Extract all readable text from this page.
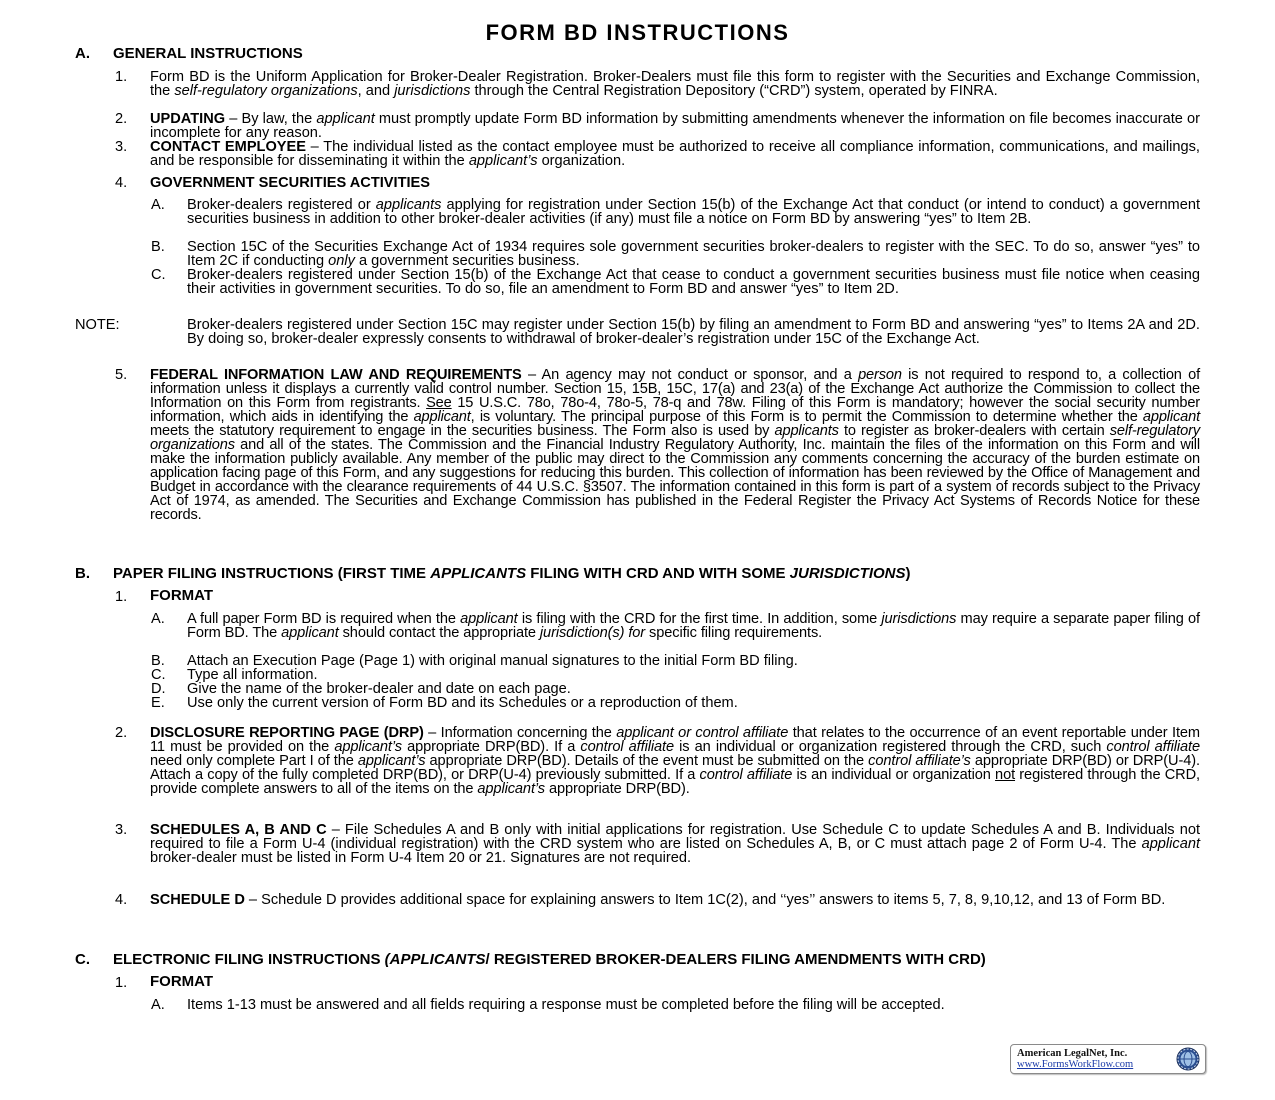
FORM BD INSTRUCTIONS
A. GENERAL INSTRUCTIONS
1. Form BD is the Uniform Application for Broker-Dealer Registration. Broker-Dealers must file this form to register with the Securities and Exchange Commission, the self-regulatory organizations, and jurisdictions through the Central Registration Depository (“CRD”) system, operated by FINRA.
2. UPDATING – By law, the applicant must promptly update Form BD information by submitting amendments whenever the information on file becomes inaccurate or incomplete for any reason.
3. CONTACT EMPLOYEE – The individual listed as the contact employee must be authorized to receive all compliance information, communications, and mailings, and be responsible for disseminating it within the applicant’s organization.
4. GOVERNMENT SECURITIES ACTIVITIES
A. Broker-dealers registered or applicants applying for registration under Section 15(b) of the Exchange Act that conduct (or intend to conduct) a government securities business in addition to other broker-dealer activities (if any) must file a notice on Form BD by answering “yes” to Item 2B.
B. Section 15C of the Securities Exchange Act of 1934 requires sole government securities broker-dealers to register with the SEC. To do so, answer “yes” to Item 2C if conducting only a government securities business.
C. Broker-dealers registered under Section 15(b) of the Exchange Act that cease to conduct a government securities business must file notice when ceasing their activities in government securities. To do so, file an amendment to Form BD and answer “yes” to Item 2D.
NOTE:	Broker-dealers registered under Section 15C may register under Section 15(b) by filing an amendment to Form BD and answering “yes” to Items 2A and 2D. By doing so, broker-dealer expressly consents to withdrawal of broker-dealer’s registration under 15C of the Exchange Act.
5. FEDERAL INFORMATION LAW AND REQUIREMENTS – An agency may not conduct or sponsor, and a person is not required to respond to, a collection of information unless it displays a currently valid control number. Section 15, 15B, 15C, 17(a) and 23(a) of the Exchange Act authorize the Commission to collect the Information on this Form from registrants. See 15 U.S.C. 78o, 78o-4, 78o-5, 78-q and 78w. Filing of this Form is mandatory; however the social security number information, which aids in identifying the applicant, is voluntary. The principal purpose of this Form is to permit the Commission to determine whether the applicant meets the statutory requirement to engage in the securities business. The Form also is used by applicants to register as broker-dealers with certain self-regulatory organizations and all of the states. The Commission and the Financial Industry Regulatory Authority, Inc. maintain the files of the information on this Form and will make the information publicly available. Any member of the public may direct to the Commission any comments concerning the accuracy of the burden estimate on application facing page of this Form, and any suggestions for reducing this burden. This collection of information has been reviewed by the Office of Management and Budget in accordance with the clearance requirements of 44 U.S.C. §3507. The information contained in this form is part of a system of records subject to the Privacy Act of 1974, as amended. The Securities and Exchange Commission has published in the Federal Register the Privacy Act Systems of Records Notice for these records.
B. PAPER FILING INSTRUCTIONS (FIRST TIME APPLICANTS FILING WITH CRD AND WITH SOME JURISDICTIONS)
1. FORMAT
A. A full paper Form BD is required when the applicant is filing with the CRD for the first time. In addition, some jurisdictions may require a separate paper filing of Form BD. The applicant should contact the appropriate jurisdiction(s) for specific filing requirements.
B. Attach an Execution Page (Page 1) with original manual signatures to the initial Form BD filing.
C. Type all information.
D. Give the name of the broker-dealer and date on each page.
E. Use only the current version of Form BD and its Schedules or a reproduction of them.
2. DISCLOSURE REPORTING PAGE (DRP) – Information concerning the applicant or control affiliate that relates to the occurrence of an event reportable under Item 11 must be provided on the applicant’s appropriate DRP(BD). If a control affiliate is an individual or organization registered through the CRD, such control affiliate need only complete Part I of the applicant’s appropriate DRP(BD). Details of the event must be submitted on the control affiliate’s appropriate DRP(BD) or DRP(U-4). Attach a copy of the fully completed DRP(BD), or DRP(U-4) previously submitted. If a control affiliate is an individual or organization not registered through the CRD, provide complete answers to all of the items on the applicant’s appropriate DRP(BD).
3. SCHEDULES A, B AND C – File Schedules A and B only with initial applications for registration. Use Schedule C to update Schedules A and B. Individuals not required to file a Form U-4 (individual registration) with the CRD system who are listed on Schedules A, B, or C must attach page 2 of Form U-4. The applicant broker-dealer must be listed in Form U-4 Item 20 or 21. Signatures are not required.
4. SCHEDULE D – Schedule D provides additional space for explaining answers to Item 1C(2), and ‘‘yes’’ answers to items 5, 7, 8, 9,10,12, and 13 of Form BD.
C. ELECTRONIC FILING INSTRUCTIONS (APPLICANTS/ REGISTERED BROKER-DEALERS FILING AMENDMENTS WITH CRD)
1. FORMAT
A. Items 1-13 must be answered and all fields requiring a response must be completed before the filing will be accepted.
American LegalNet, Inc.
www.FormsWorkFlow.com
